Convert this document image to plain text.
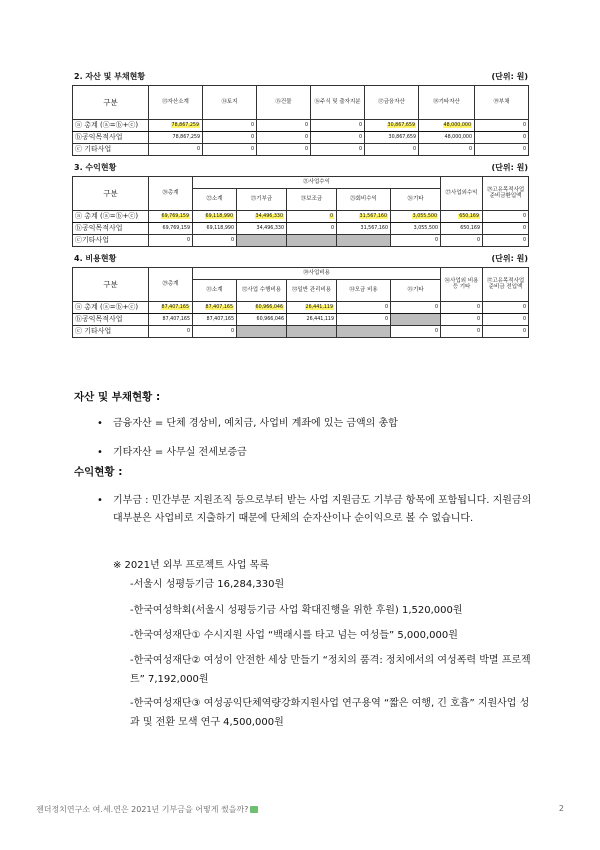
2. 자산 및 부채현황	(단위: 원)
구분	⑬자산소계	⑭토지	⑮건물	⑯주식 및 출자지분	⑰금융자산	⑱기타자산	⑲부채
ⓐ 총계 (ⓐ=ⓑ+ⓒ)	78,867,259	0	0	0	30,867,659	48,000,000	0
ⓑ공익목적사업	78,867,259	0	0	0	30,867,659	48,000,000	0
ⓒ 기타사업	0	0	0	0	0	0	0
3. 수익현황	(단위: 원)
구분	⑳총계	㉑사업수익					㉗사업외수익	㉘고유목적사업준비금환입액
		㉒소계	㉓기부금	㉔보조금	㉕회비수익	㉖기타		
ⓐ 총계 (ⓐ=ⓑ+ⓒ)	69,769,159	69,118,990	34,496,330	0	31,567,160	3,055,500	650,169	0
ⓑ공익목적사업	69,769,159	69,118,990	34,496,330	0	31,567,160	3,055,500	650,169	0
ⓒ기타사업	0	0				0	0	0
4. 비용현황	(단위: 원)
구분	㉙총계	㉚사업비용					㊱사업외 비용 등 기타	㊲고유목적사업준비금 전입액
		㉛소계	㉜사업 수행비용	㉝일반 관리비용	㉞모금 비용	㉟기타		
ⓐ 총계 (ⓐ=ⓑ+ⓒ)	87,407,165	87,407,165	60,966,046	26,441,119	0	0	0	0
ⓑ공익목적사업	87,407,165	87,407,165	60,966,046	26,441,119	0		0	0
ⓒ 기타사업	0	0				0	0	0
자산 및 부채현황 :
• 금융자산 = 단체 경상비, 예치금, 사업비 계좌에 있는 금액의 총합
• 기타자산 = 사무실 전세보증금
수익현황 :
• 기부금 : 민간부문 지원조직 등으로부터 받는 사업 지원금도 기부금 항목에 포함됩니다. 지원금의 대부분은 사업비로 지출하기 때문에 단체의 순자산이나 순이익으로 볼 수 없습니다.
※ 2021년 외부 프로젝트 사업 목록
-서울시 성평등기금 16,284,330원
-한국여성학회(서울시 성평등기금 사업 확대진행을 위한 후원) 1,520,000원
-한국여성재단① 수시지원 사업 “백래시를 타고 넘는 여성들” 5,000,000원
-한국여성재단② 여성이 안전한 세상 만들기 “정치의 품격: 정치에서의 여성폭력 박멸 프로젝트” 7,192,000원
-한국여성재단③ 여성공익단체역량강화지원사업 연구용역 “짧은 여행, 긴 호흡” 지원사업 성과 및 전환 모색 연구 4,500,000원
젠더정치연구소 여.세.연은 2021년 기부금을 어떻게 썼을까?	2
